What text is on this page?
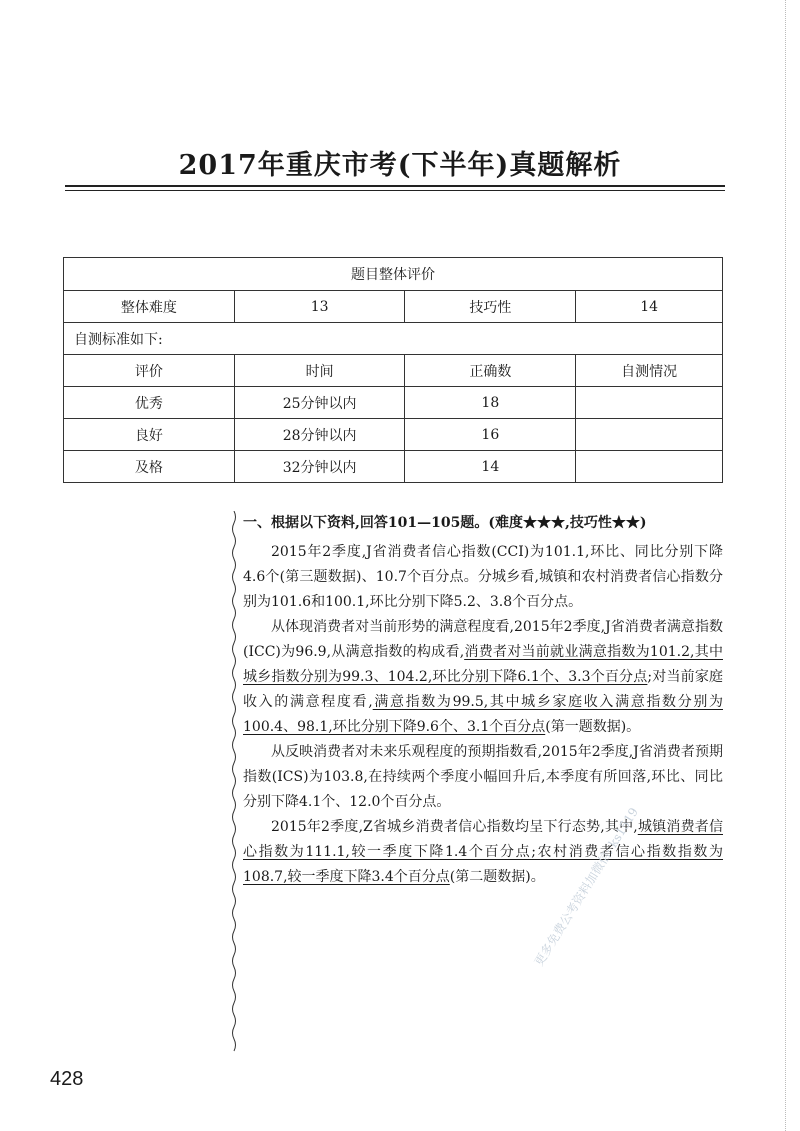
2017年重庆市考(下半年)真题解析
题目整体评价			
整体难度	13	技巧性	14
自测标准如下:			
评价	时间	正确数	自测情况
优秀	25分钟以内	18	
良好	28分钟以内	16	
及格	32分钟以内	14	

一、根据以下资料,回答101—105题。(难度★★★,技巧性★★)

2015年2季度,J省消费者信心指数(CCI)为101.1,环比、同比分别下降4.6个(第三题数据)、10.7个百分点。分城乡看,城镇和农村消费者信心指数分别为101.6和100.1,环比分别下降5.2、3.8个百分点。

从体现消费者对当前形势的满意程度看,2015年2季度,J省消费者满意指数(ICC)为96.9,从满意指数的构成看,消费者对当前就业满意指数为101.2,其中城乡指数分别为99.3、104.2,环比分别下降6.1个、3.3个百分点;对当前家庭收入的满意程度看,满意指数为99.5,其中城乡家庭收入满意指数分别为100.4、98.1,环比分别下降9.6个、3.1个百分点(第一题数据)。

从反映消费者对未来乐观程度的预期指数看,2015年2季度,J省消费者预期指数(ICS)为103.8,在持续两个季度小幅回升后,本季度有所回落,环比、同比分别下降4.1个、12.0个百分点。

2015年2季度,Z省城乡消费者信心指数均呈下行态势,其中,城镇消费者信心指数为111.1,较一季度下降1.4个百分点;农村消费者信心指数指数为108.7,较一季度下降3.4个百分点(第二题数据)。

428
更多免费公考资料加微信: ks1519
